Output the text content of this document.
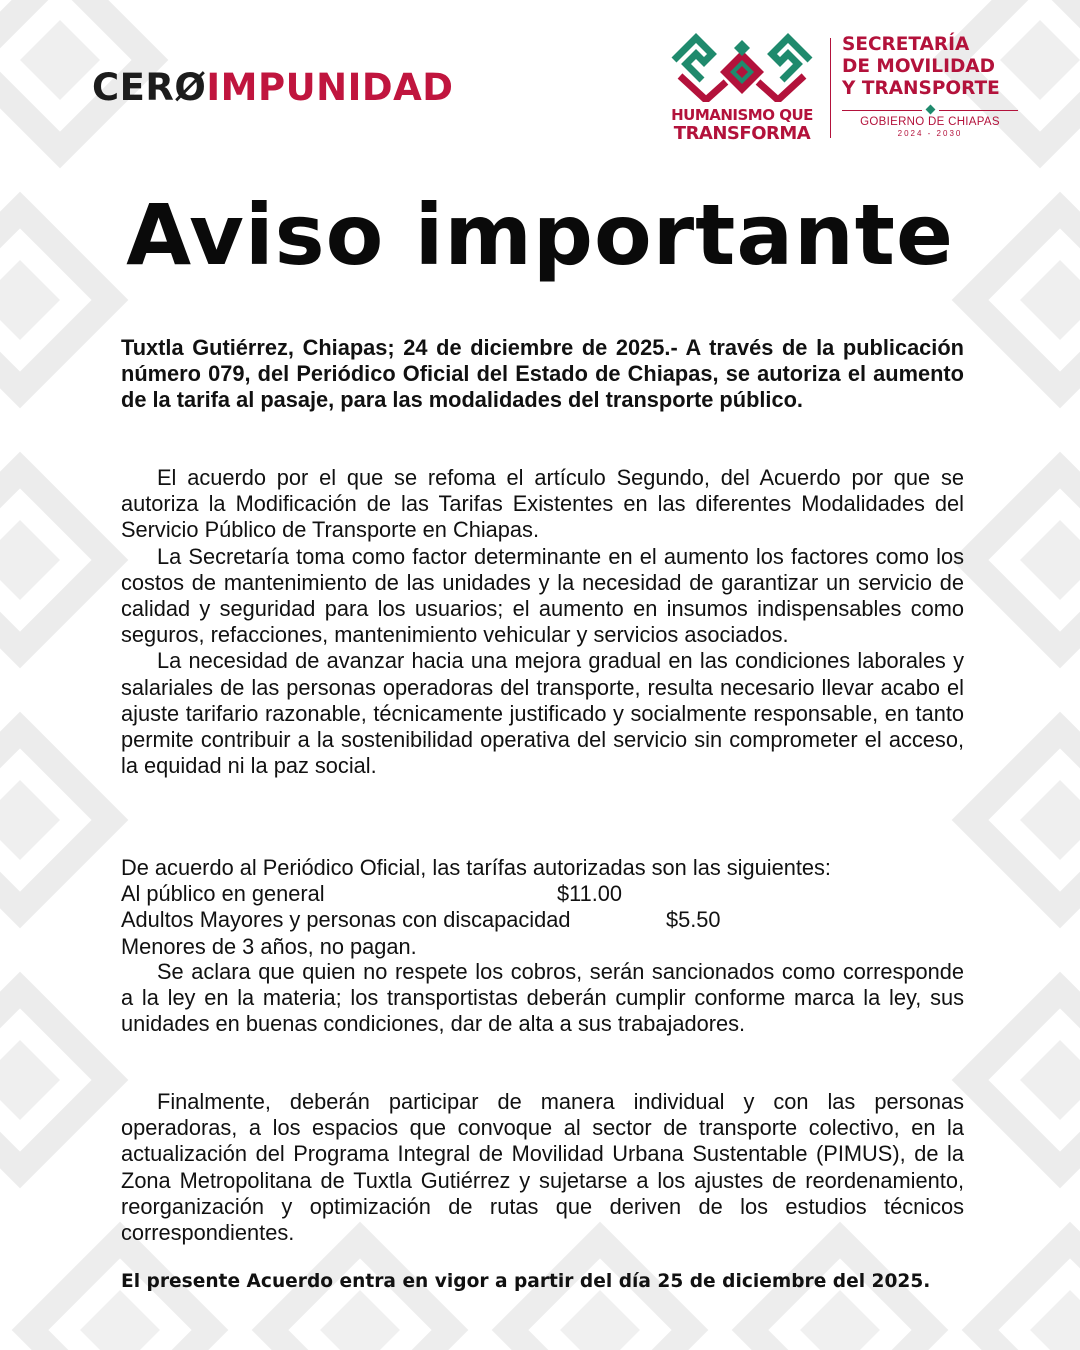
CERØIMPUNIDAD
HUMANISMO QUE
TRANSFORMA
SECRETARÍA
DE MOVILIDAD
Y TRANSPORTE
GOBIERNO DE CHIAPAS
2024 - 2030
Aviso importante

Tuxtla Gutiérrez, Chiapas; 24 de diciembre de 2025.- A través de la publicación número 079, del Periódico Oficial del Estado de Chiapas, se autoriza el aumento de la tarifa al pasaje, para las modalidades del transporte público.

El acuerdo por el que se refoma el artículo Segundo, del Acuerdo por que se autoriza la Modificación de las Tarifas Existentes en las diferentes Modalidades del Servicio Público de Transporte en Chiapas.

La Secretaría toma como factor determinante en el aumento los factores como los costos de mantenimiento de las unidades y la necesidad de garantizar un servicio de calidad y seguridad para los usuarios; el aumento en insumos indispensables como seguros, refacciones, mantenimiento vehicular y servicios asociados.

La necesidad de avanzar hacia una mejora gradual en las condiciones laborales y salariales de las personas operadoras del transporte, resulta necesario llevar acabo el ajuste tarifario razonable, técnicamente justificado y socialmente responsable, en tanto permite contribuir a la sostenibilidad operativa del servicio sin comprometer el acceso, la equidad ni la paz social.

De acuerdo al Periódico Oficial, las tarífas autorizadas son las siguientes:
Al público en general	$11.00
Adultos Mayores y personas con discapacidad	$5.50
Menores de 3 años, no pagan.

Se aclara que quien no respete los cobros, serán sancionados como corresponde a la ley en la materia; los transportistas deberán cumplir conforme marca la ley, sus unidades en buenas condiciones, dar de alta a sus trabajadores.

Finalmente, deberán participar de manera individual y con las personas operadoras, a los espacios que convoque al sector de transporte colectivo, en la actualización del Programa Integral de Movilidad Urbana Sustentable (PIMUS), de la Zona Metropolitana de Tuxtla Gutiérrez y sujetarse a los ajustes de reordenamiento, reorganización y optimización de rutas que deriven de los estudios técnicos correspondientes.

El presente Acuerdo entra en vigor a partir del día 25 de diciembre del 2025.
